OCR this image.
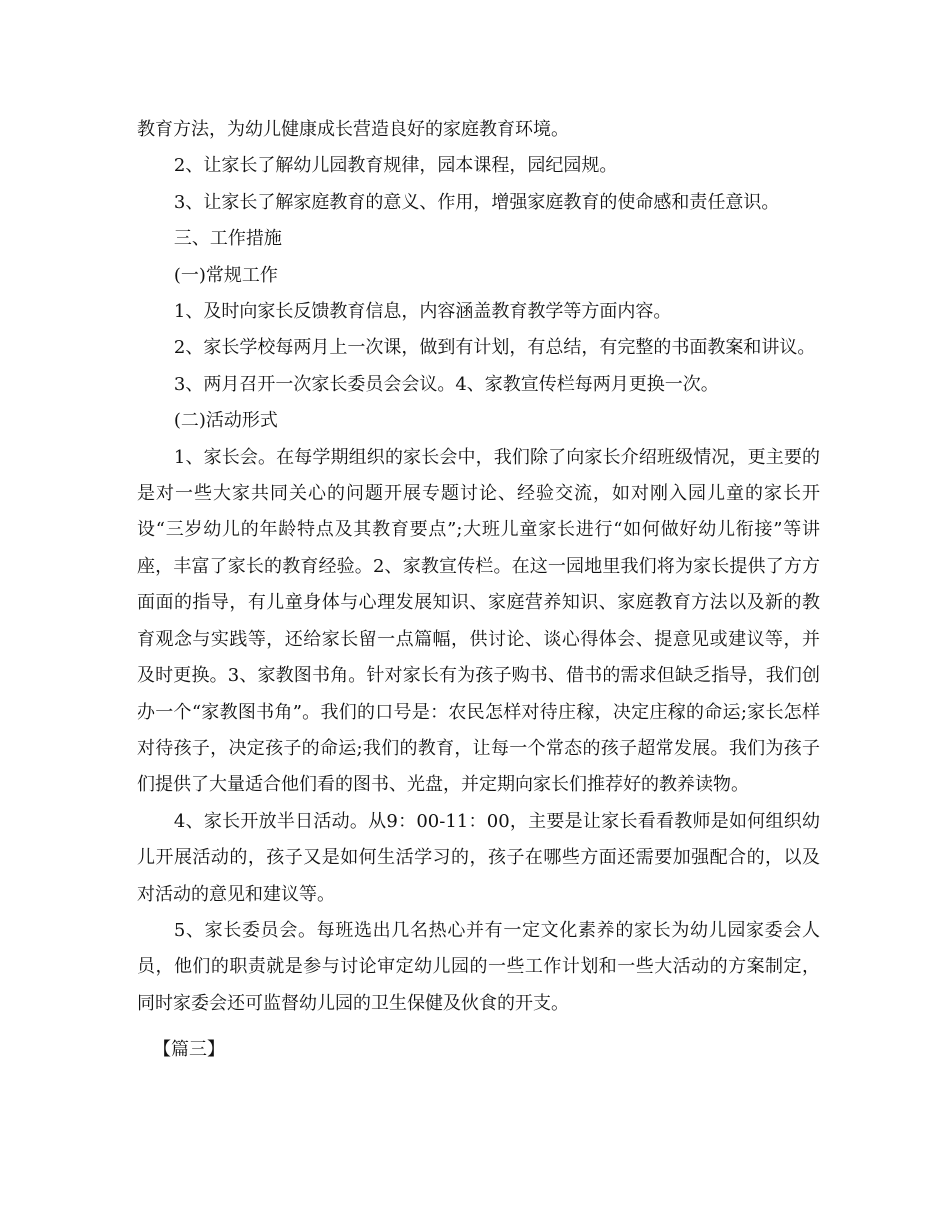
教育方法，为幼儿健康成长营造良好的家庭教育环境。

2、让家长了解幼儿园教育规律，园本课程，园纪园规。

3、让家长了解家庭教育的意义、作用，增强家庭教育的使命感和责任意识。

三、工作措施

(一)常规工作

1、及时向家长反馈教育信息，内容涵盖教育教学等方面内容。

2、家长学校每两月上一次课，做到有计划，有总结，有完整的书面教案和讲议。

3、两月召开一次家长委员会会议。4、家教宣传栏每两月更换一次。

(二)活动形式

1、家长会。在每学期组织的家长会中，我们除了向家长介绍班级情况，更主要的是对一些大家共同关心的问题开展专题讨论、经验交流，如对刚入园儿童的家长开设“三岁幼儿的年龄特点及其教育要点”;大班儿童家长进行“如何做好幼儿衔接”等讲座，丰富了家长的教育经验。2、家教宣传栏。在这一园地里我们将为家长提供了方方面面的指导，有儿童身体与心理发展知识、家庭营养知识、家庭教育方法以及新的教育观念与实践等，还给家长留一点篇幅，供讨论、谈心得体会、提意见或建议等，并及时更换。3、家教图书角。针对家长有为孩子购书、借书的需求但缺乏指导，我们创办一个“家教图书角”。我们的口号是：农民怎样对待庄稼，决定庄稼的命运;家长怎样对待孩子，决定孩子的命运;我们的教育，让每一个常态的孩子超常发展。我们为孩子们提供了大量适合他们看的图书、光盘，并定期向家长们推荐好的教养读物。

4、家长开放半日活动。从9：00-11：00，主要是让家长看看教师是如何组织幼儿开展活动的，孩子又是如何生活学习的，孩子在哪些方面还需要加强配合的，以及对活动的意见和建议等。

5、家长委员会。每班选出几名热心并有一定文化素养的家长为幼儿园家委会人员，他们的职责就是参与讨论审定幼儿园的一些工作计划和一些大活动的方案制定，同时家委会还可监督幼儿园的卫生保健及伙食的开支。

【篇三】
